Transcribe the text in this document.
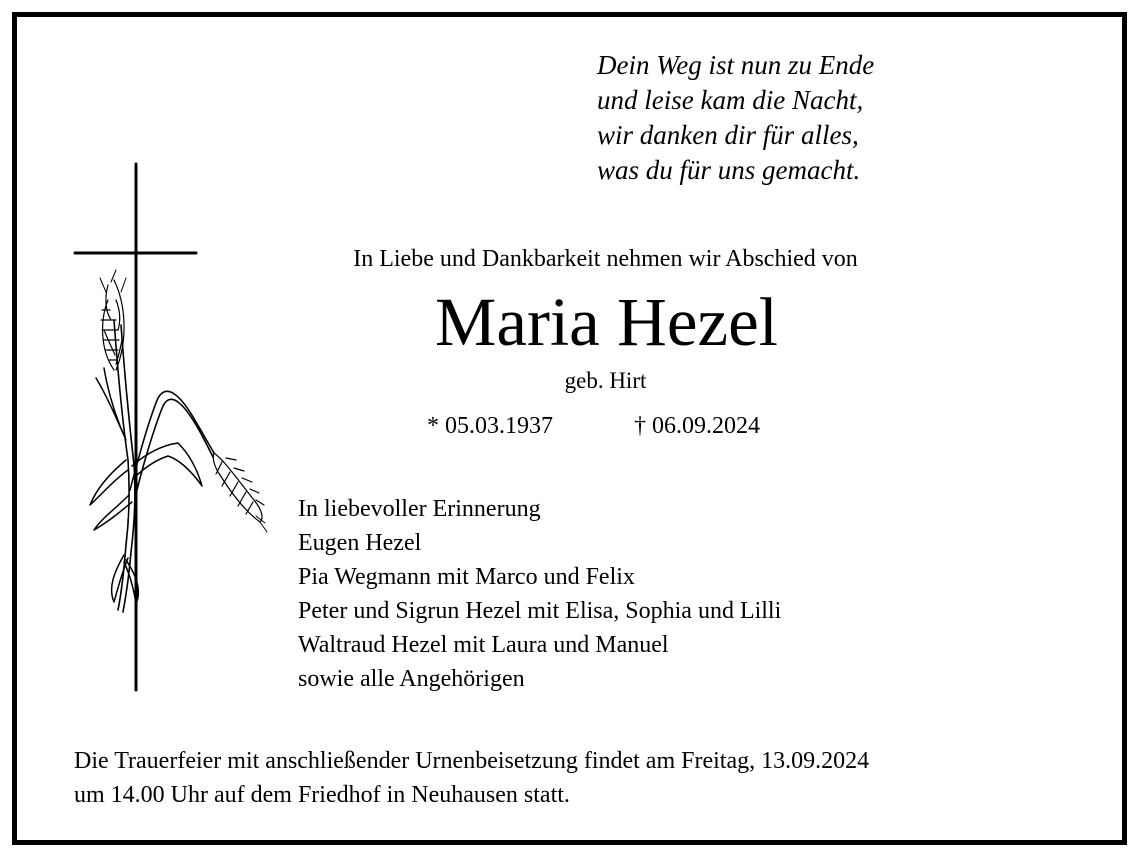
Dein Weg ist nun zu Ende
und leise kam die Nacht,
wir danken dir für alles,
was du für uns gemacht.
In Liebe und Dankbarkeit nehmen wir Abschied von
Maria Hezel
geb. Hirt
* 05.03.1937	† 06.09.2024
In liebevoller Erinnerung
Eugen Hezel
Pia Wegmann mit Marco und Felix
Peter und Sigrun Hezel mit Elisa, Sophia und Lilli
Waltraud Hezel mit Laura und Manuel
sowie alle Angehörigen
Die Trauerfeier mit anschließender Urnenbeisetzung findet am Freitag, 13.09.2024
um 14.00 Uhr auf dem Friedhof in Neuhausen statt.
